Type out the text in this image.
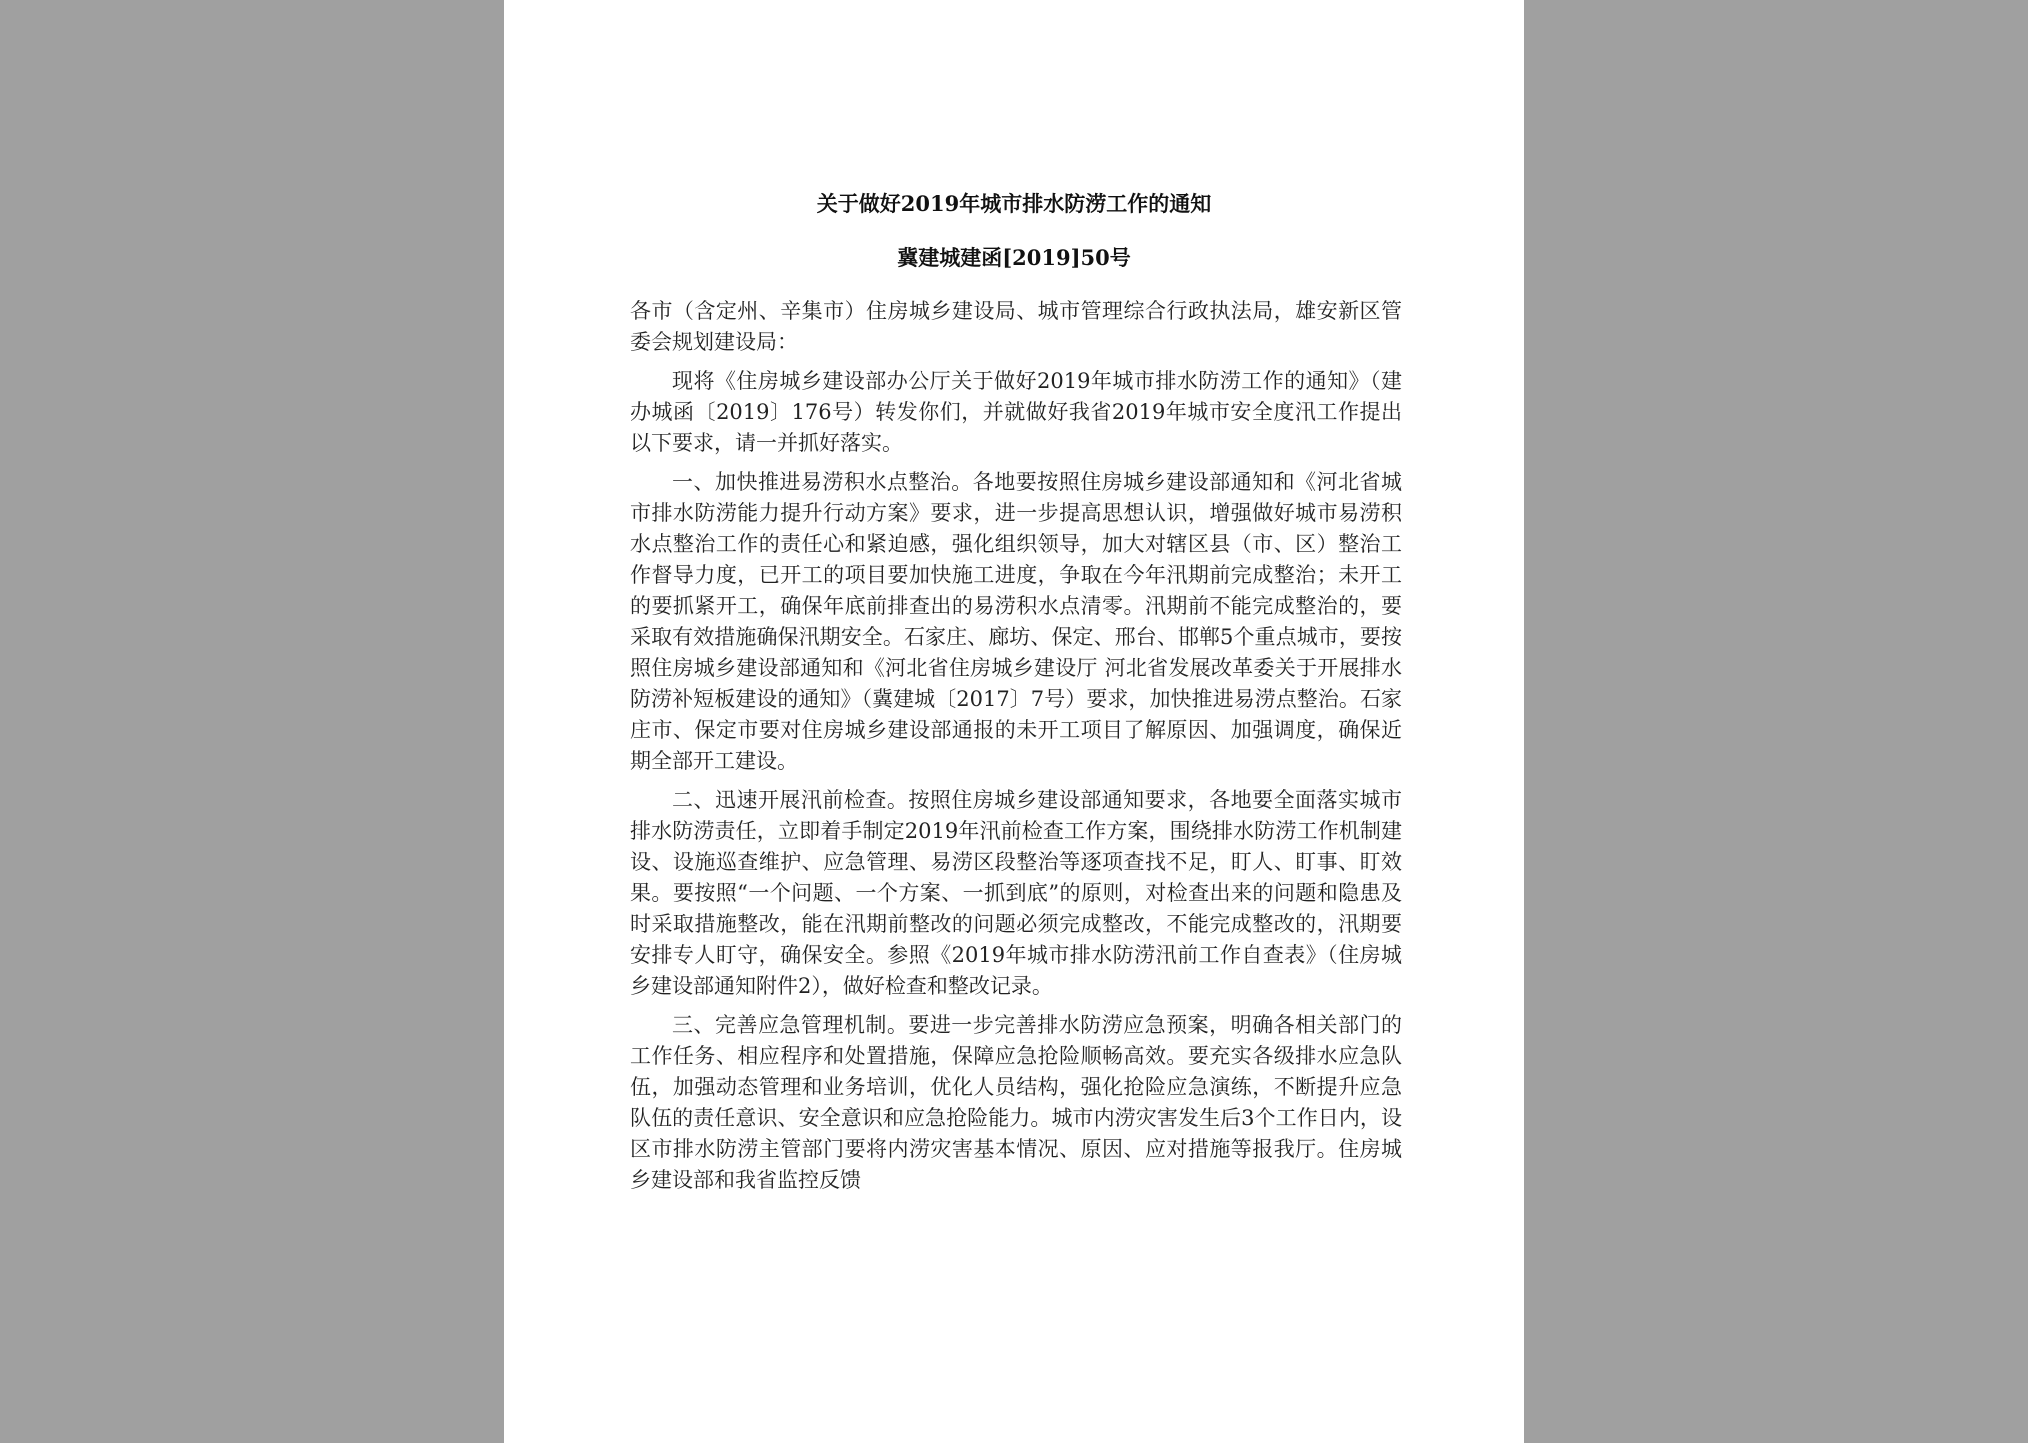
关于做好2019年城市排水防涝工作的通知
冀建城建函[2019]50号

各市（含定州、辛集市）住房城乡建设局、城市管理综合行政执法局，雄安新区管委会规划建设局：

现将《住房城乡建设部办公厅关于做好2019年城市排水防涝工作的通知》（建办城函〔2019〕176号）转发你们，并就做好我省2019年城市安全度汛工作提出以下要求，请一并抓好落实。

一、加快推进易涝积水点整治。各地要按照住房城乡建设部通知和《河北省城市排水防涝能力提升行动方案》要求，进一步提高思想认识，增强做好城市易涝积水点整治工作的责任心和紧迫感，强化组织领导，加大对辖区县（市、区）整治工作督导力度，已开工的项目要加快施工进度，争取在今年汛期前完成整治；未开工的要抓紧开工，确保年底前排查出的易涝积水点清零。汛期前不能完成整治的，要采取有效措施确保汛期安全。石家庄、廊坊、保定、邢台、邯郸5个重点城市，要按照住房城乡建设部通知和《河北省住房城乡建设厅 河北省发展改革委关于开展排水防涝补短板建设的通知》（冀建城〔2017〕7号）要求，加快推进易涝点整治。石家庄市、保定市要对住房城乡建设部通报的未开工项目了解原因、加强调度，确保近期全部开工建设。

二、迅速开展汛前检查。按照住房城乡建设部通知要求，各地要全面落实城市排水防涝责任，立即着手制定2019年汛前检查工作方案，围绕排水防涝工作机制建设、设施巡查维护、应急管理、易涝区段整治等逐项查找不足，盯人、盯事、盯效果。要按照“一个问题、一个方案、一抓到底”的原则，对检查出来的问题和隐患及时采取措施整改，能在汛期前整改的问题必须完成整改，不能完成整改的，汛期要安排专人盯守，确保安全。参照《2019年城市排水防涝汛前工作自查表》（住房城乡建设部通知附件2），做好检查和整改记录。

三、完善应急管理机制。要进一步完善排水防涝应急预案，明确各相关部门的工作任务、相应程序和处置措施，保障应急抢险顺畅高效。要充实各级排水应急队伍，加强动态管理和业务培训，优化人员结构，强化抢险应急演练，不断提升应急队伍的责任意识、安全意识和应急抢险能力。城市内涝灾害发生后3个工作日内，设区市排水防涝主管部门要将内涝灾害基本情况、原因、应对措施等报我厅。住房城乡建设部和我省监控反馈
